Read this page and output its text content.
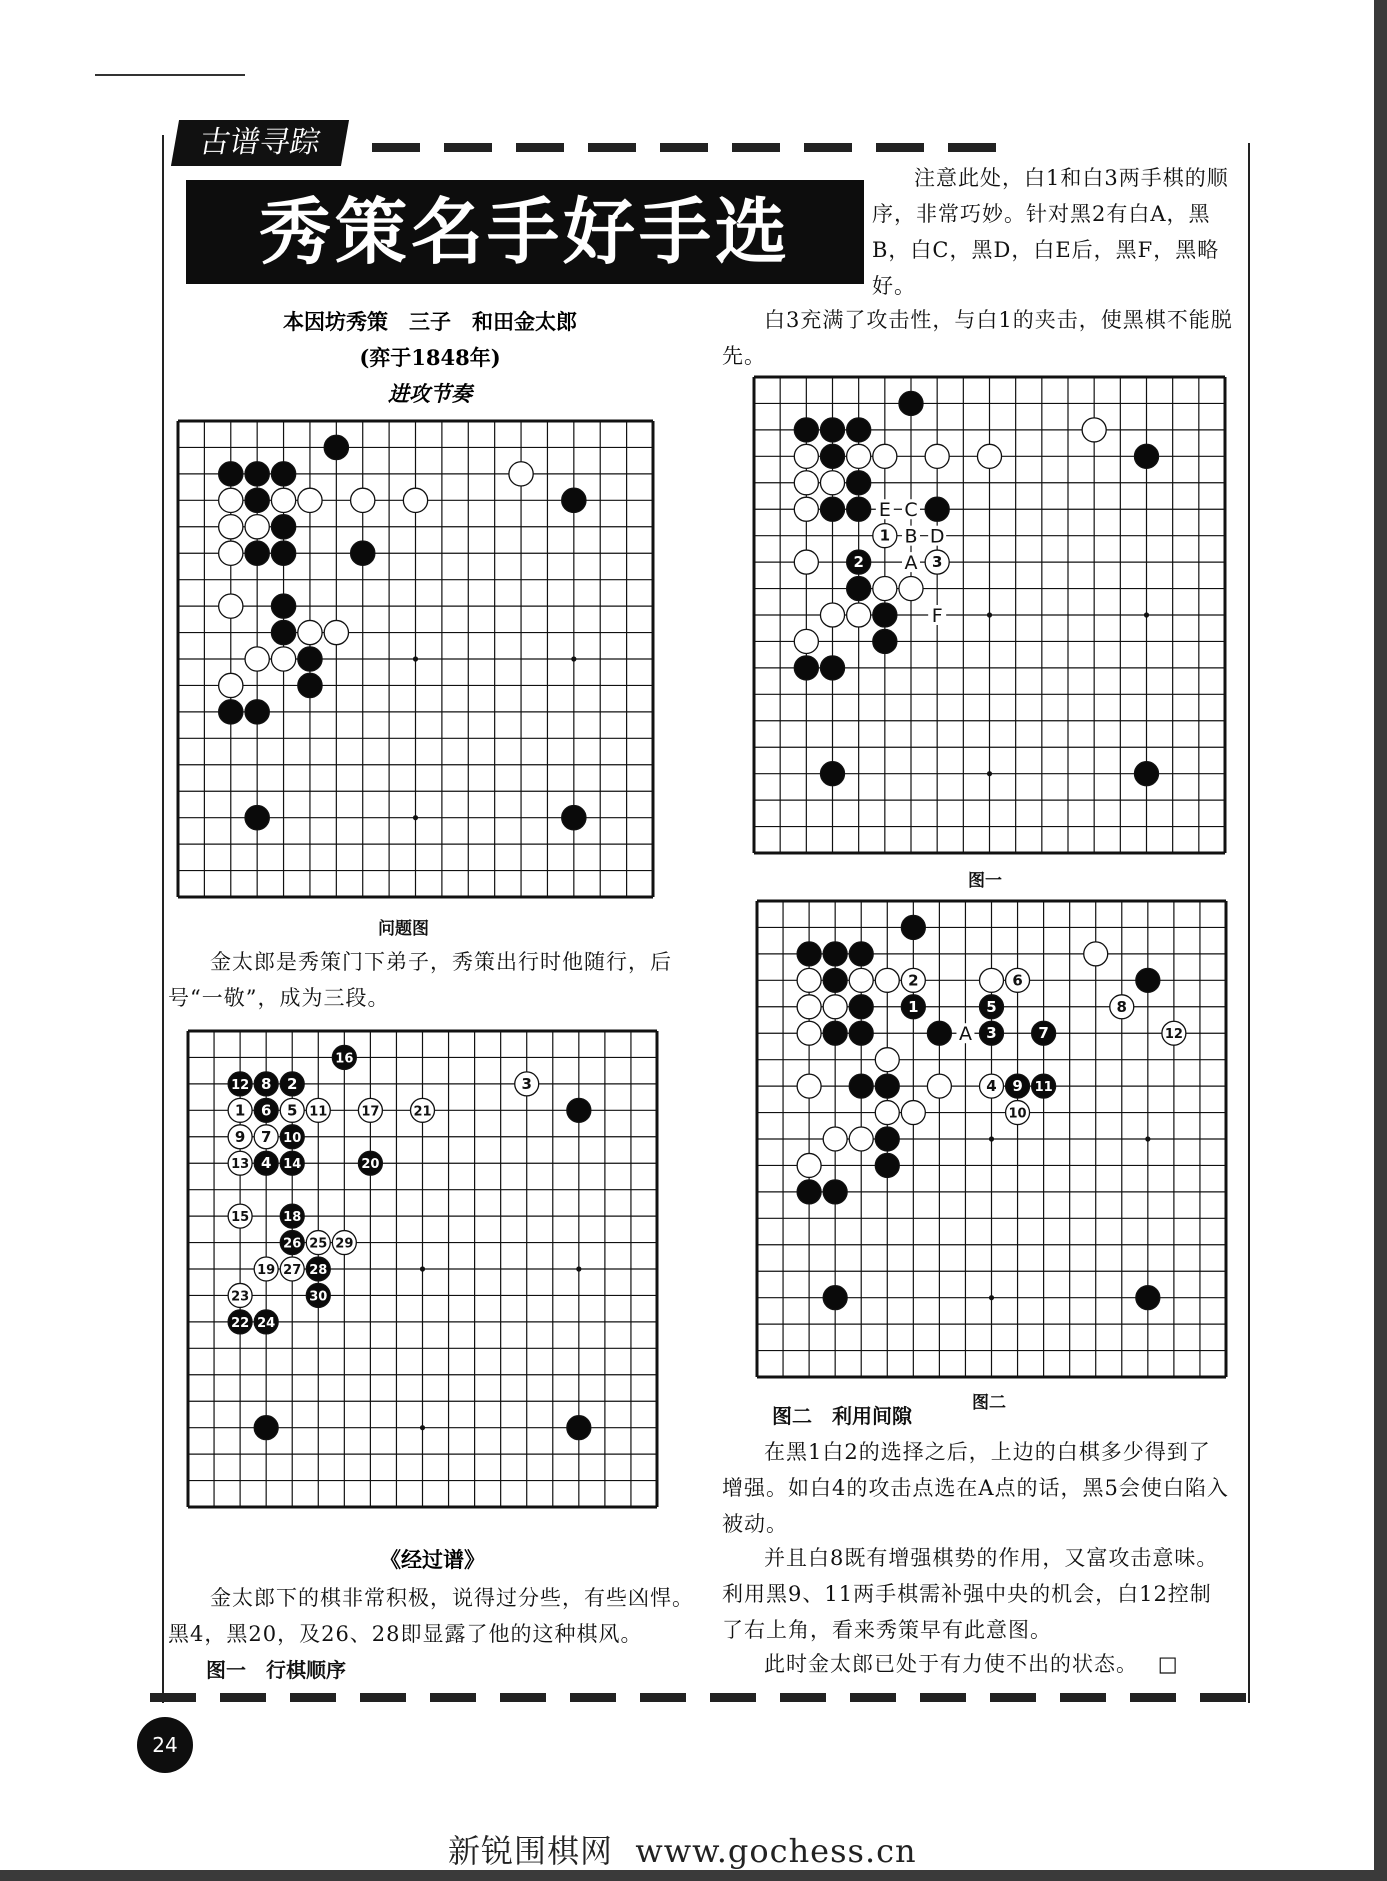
古谱寻踪
秀策名手好手选
本因坊秀策　三子　和田金太郎
(弈于1848年)
进攻节奏
注意此处，白1和白3两手棋的顺序，非常巧妙。针对黑2有白A，黑B，白C，黑D，白E后，黑F，黑略好。
白3充满了攻击性，与白1的夹击，使黑棋不能脱先。
问题图
1
2	3
E C
B D
A
F
图一
金太郎是秀策门下弟子，秀策出行时他随行，后号“一敬”，成为三段。
2	6
1	5	8
3	7	12
4 9 11
10
A
图二
图二　利用间隙
16
3
12 8 2
1 6 5 11	17	21
9 7 10
13 4 14	20
15	18
26 25 29
19 27 28
23	30
22 24
《经过谱》
金太郎下的棋非常积极，说得过分些，有些凶悍。黑4，黑20，及26、28即显露了他的这种棋风。
图一　行棋顺序
在黑1白2的选择之后，上边的白棋多少得到了增强。如白4的攻击点选在A点的话，黑5会使白陷入被动。
并且白8既有增强棋势的作用，又富攻击意味。利用黑9、11两手棋需补强中央的机会，白12控制了右上角，看来秀策早有此意图。
此时金太郎已处于有力使不出的状态。 □
24
新锐围棋网  www.gochess.cn
